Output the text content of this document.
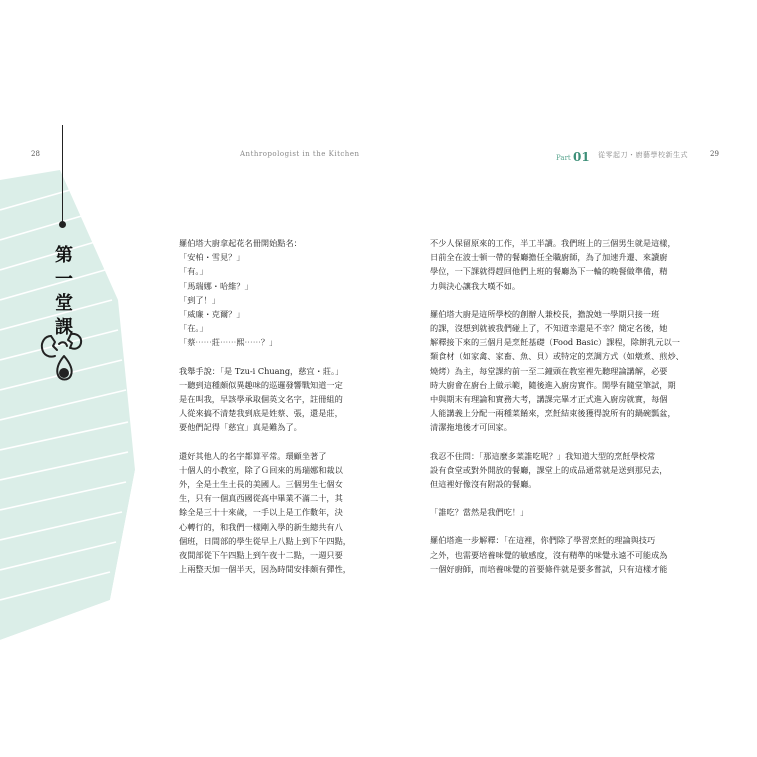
28	Anthropologist in the Kitchen
第
一
堂
課

羅伯塔大廚拿起花名冊開始點名：
「安柏・雪見？」
「有。」
「馬瑞娜・哈維？」
「到了！」
「威廉・克爾？」
「在。」
「蔡⋯⋯莊⋯⋯熙⋯⋯？」

我舉手說：「是 Tzu-i Chuang，慈宜・莊。」
一聽到這種頗似異趣味的巡邏發響戰知道一定
是在叫我，早該學承取個英文名字，註冊組的
人從來搞不清楚我到底是姓蔡、張，還是莊，
要他們記得「慈宜」真是難為了。

還好其他人的名字都算平常。環顧坐著了
十個人的小教室，除了Ｇ回來的馬瑞娜和裁以
外，全是土生土長的美國人。三個男生七個女
生，只有一個真西國從高中畢業不滿二十，其
餘全是三十十來歲，一手以上是工作數年，決
心轉行的，和我們一樣剛入學的新生總共有八
個班，日間部的學生從早上八點上到下午四點，
夜間部從下午四點上到午夜十二點，一週只要
上兩整天加一個半天，因為時間安排頗有彈性，

Part 01 從零起刀・廚藝學校新生式	29

不少人保留原來的工作，半工半讀。我們班上的三個男生就是這樣，
日前全在波士頓一帶的餐廳擔任全職廚師，為了加速升遷、來讀廚
學位，一下課就得趕回他們上班的餐廳為下一輪的晚餐做準備，精
力與決心讓我大嘆不如。

羅伯塔大廚是這所學校的創辦人兼校長，擔說她一學期只接一班
的課，沒想到就被我們碰上了，不知道幸還是不幸？簡定名後，她
解釋接下來的三個月是烹飪基礎（Food Basic）課程，除餅乳元以一
類食材（如家禽、家畜、魚、貝）或特定的烹調方式（如燉煮、煎炒、
燒烤）為主，每堂課約前一至二鐘頭在教室裡先聽理論講解，必要
時大廚會在廚台上做示範，隨後進入廚房實作。開學有隨堂筆試，期
中與期末有理論和實務大考，講課完畢才正式進入廚房就實，每個
人能講義上分配一兩種菜餚來，烹飪結束後獲得說所有的鍋碗瓢盆，
清潔拖地後才可回家。

我忍不住問：「那這麼多菜誰吃呢？」我知道大型的烹飪學校常
設有食堂或對外開放的餐廳，課堂上的成品通常就是送到那兒去，
但這裡好像沒有附設的餐廳。

「誰吃？當然是我們吃！」

羅伯塔進一步解釋：「在這裡，你們除了學習烹飪的理論與技巧
之外，也需要培養味覺的敏感度，沒有精準的味覺永遠不可能成為
一個好廚師，而培養味覺的首要條件就是要多嘗試，只有這樣才能
